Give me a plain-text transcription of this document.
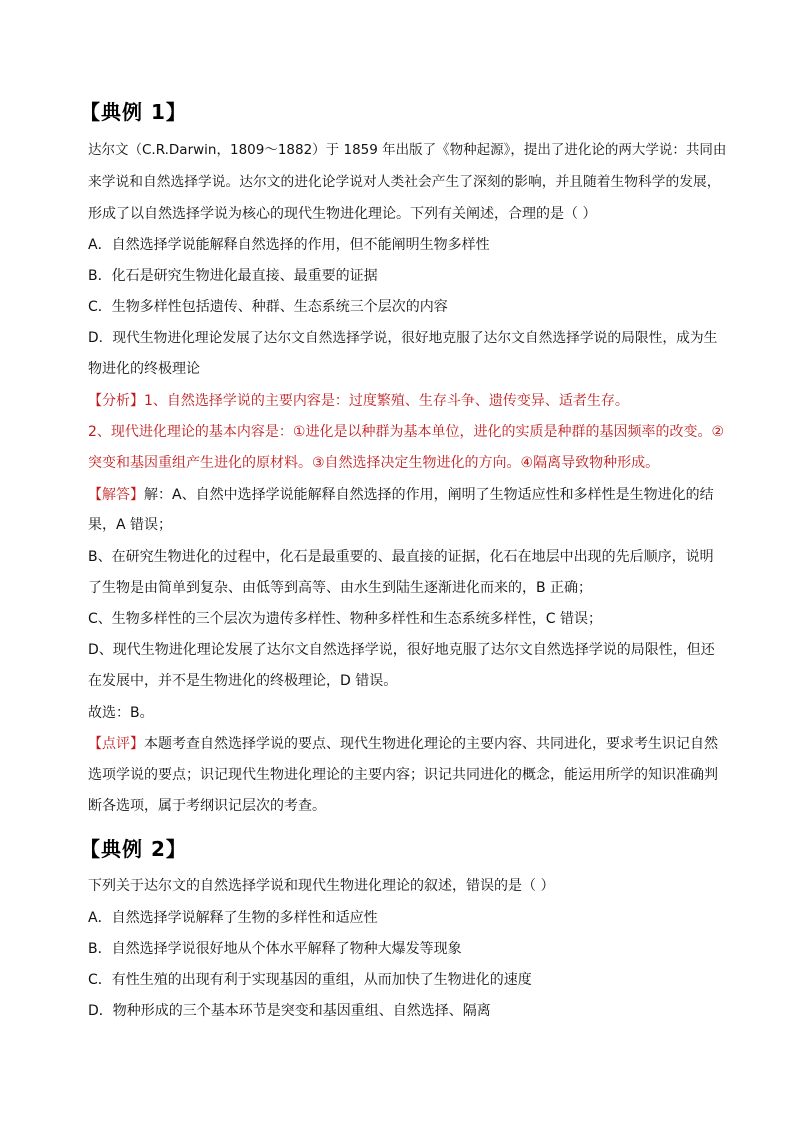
【典例 1】
达尔文（C.R.Darwin，1809～1882）于 1859 年出版了《物种起源》，提出了进化论的两大学说：共同由
来学说和自然选择学说。达尔文的进化论学说对人类社会产生了深刻的影响，并且随着生物科学的发展，
形成了以自然选择学说为核心的现代生物进化理论。下列有关阐述，合理的是（ ）
A．自然选择学说能解释自然选择的作用，但不能阐明生物多样性
B．化石是研究生物进化最直接、最重要的证据
C．生物多样性包括遗传、种群、生态系统三个层次的内容
D．现代生物进化理论发展了达尔文自然选择学说，很好地克服了达尔文自然选择学说的局限性，成为生
物进化的终极理论
【分析】1、自然选择学说的主要内容是：过度繁殖、生存斗争、遗传变异、适者生存。
2、现代进化理论的基本内容是：①进化是以种群为基本单位，进化的实质是种群的基因频率的改变。②
突变和基因重组产生进化的原材料。③自然选择决定生物进化的方向。④隔离导致物种形成。
【解答】解：A、自然中选择学说能解释自然选择的作用，阐明了生物适应性和多样性是生物进化的结
果，A 错误；
B、在研究生物进化的过程中，化石是最重要的、最直接的证据，化石在地层中出现的先后顺序，说明
了生物是由简单到复杂、由低等到高等、由水生到陆生逐渐进化而来的，B 正确；
C、生物多样性的三个层次为遗传多样性、物种多样性和生态系统多样性，C 错误；
D、现代生物进化理论发展了达尔文自然选择学说，很好地克服了达尔文自然选择学说的局限性，但还
在发展中，并不是生物进化的终极理论，D 错误。
故选：B。
【点评】本题考查自然选择学说的要点、现代生物进化理论的主要内容、共同进化，要求考生识记自然
选项学说的要点；识记现代生物进化理论的主要内容；识记共同进化的概念，能运用所学的知识准确判
断各选项，属于考纲识记层次的考查。
【典例 2】
下列关于达尔文的自然选择学说和现代生物进化理论的叙述，错误的是（ ）
A．自然选择学说解释了生物的多样性和适应性
B．自然选择学说很好地从个体水平解释了物种大爆发等现象
C．有性生殖的出现有利于实现基因的重组，从而加快了生物进化的速度
D．物种形成的三个基本环节是突变和基因重组、自然选择、隔离
